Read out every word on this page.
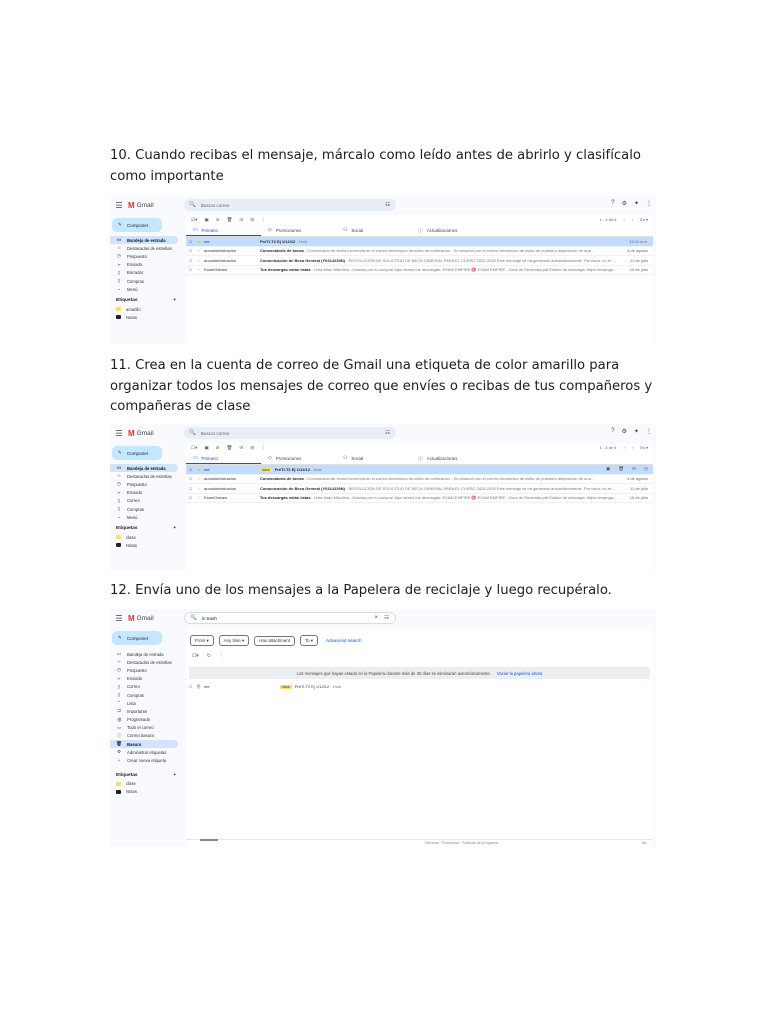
10. Cuando recibas el mensaje, márcalo como leído antes de abrirlo y clasifícalo como importante
☰ M Gmail	🔍 Buscar correo	☷	? ⚙ ✦ ⋮
✎ Componer
▭ Bandeja de entrada
☆ Destacados de estrellas
◷ Pospuesto
➢ Enviado
▯	Borrador
▯	Compras
⌄ Menú
Etiquetas	+
amarillo
Notas
☑▾ ▣ ⊘ 🗑 ✉ ⊟ ⋮	1 - 4 de 4 ‹ › Es ▾
▭ Primario	◇ Promociones	⚇ Social	ⓘ Actualizaciones
☑	★ me	PréTi-T2 Ej 1/12/12 - Hola	10:11 a.m.
☐	☆ auxadministración	Convocatoria de becas - Comunicado de fecha incorrecta en el correo electrónico de aviso de notificación - En relación con el correo electrónico de aviso de puesta a disposición de una...	4 de agosto
☐	☆ auxadministración	Comunicación de Beca General (Y0314239N) - RESOLUCIÓN DE SOLICITUD DE BECA GENERAL PARA EL CURSO 2025-2026 Este mensaje se ha generado automáticamente. Por favor, no re...	11 de julio
☐	☆ ExamGames	Tus descargas están listas - Hola Arián Maudino, ¡Gracias por tu compra! Aquí tienes tus descargas: EXAM EMPIRE 🎯 EXAM EMPIRE - Guía de Recarrida.pdf Enlace de descarga: https://examga...	15 de julio
11. Crea en la cuenta de correo de Gmail una etiqueta de color amarillo para organizar todos los mensajes de correo que envíes o recibas de tus compañeros y compañeras de clase
☰ M Gmail	🔍 Buscar correo	☷	? ⚙ ✦ ⋮
✎ Componer
▭ Bandeja de entrada
☆ Destacados de estrellas
◷ Pospuesto
➢ Enviado
▯	Correo
▯	Compras
⌄ Menú
Etiquetas	+
clase
Notas
☐▾ ▣ ⊘ 🗑 ✉ ⊟ ⋮	1 - 4 de 4 ‹ › Es ▾
▭ Primario	◇ Promociones	⚇ Social	ⓘ Actualizaciones
☑	★ me	clase PréTi-T2 Ej 1/12/12 - Hola	▣ 🗑 ✉ ◷
☐	☆ auxadministración	Convocatoria de becas - Comunicado de fecha incorrecta en el correo electrónico de aviso de notificación - En relación con el correo electrónico de aviso de puesta a disposición de una...	4 de agosto
☐	☆ auxadministración	Comunicación de Beca General (Y0314239N) - RESOLUCIÓN DE SOLICITUD DE BECA GENERAL PARA EL CURSO 2025-2026 Este mensaje se ha generado automáticamente. Por favor, no re...	11 de julio
☐	☆ ExamGames	Tus descargas están listas - Hola Arián Maudino, ¡Gracias por tu compra! Aquí tienes tus descargas: EXAM EMPIRE 🎯 EXAM EMPIRE - Guía de Recarrida.pdf Enlace de descarga: https://examga...	15 de julio
12. Envía uno de los mensajes a la Papelera de reciclaje y luego recupéralo.
☰ M Gmail	🔍 in:trash	× ☷
✎ Componer
▭ Bandeja de entrada
☆ Destacados de estrellas
◷ Pospuesto
➢ Enviado
▯	Correo
▯	Compras
⌃ Lista
⊐ Importante
⇶ Programado
▭ Todo el correo
ⓘ Correo basura
🗑 Basura
⚙ Administrar etiquetas
+	Crear nueva etiqueta
Etiquetas	+
clase
Notas
From ▾	Any time ▾	Has attachment	To ▾	Advanced search
☐▾ ↻ ⋮
Los mensajes que hayan estado en la Papelera durante más de 30 días se eliminarán automáticamente. Vaciar la papelera ahora
☐ 🗑 me	clase PréTi-T2 Ej 1/12/12 - Hola
Términos · Privacidad · Políticas del programa	Últ...
